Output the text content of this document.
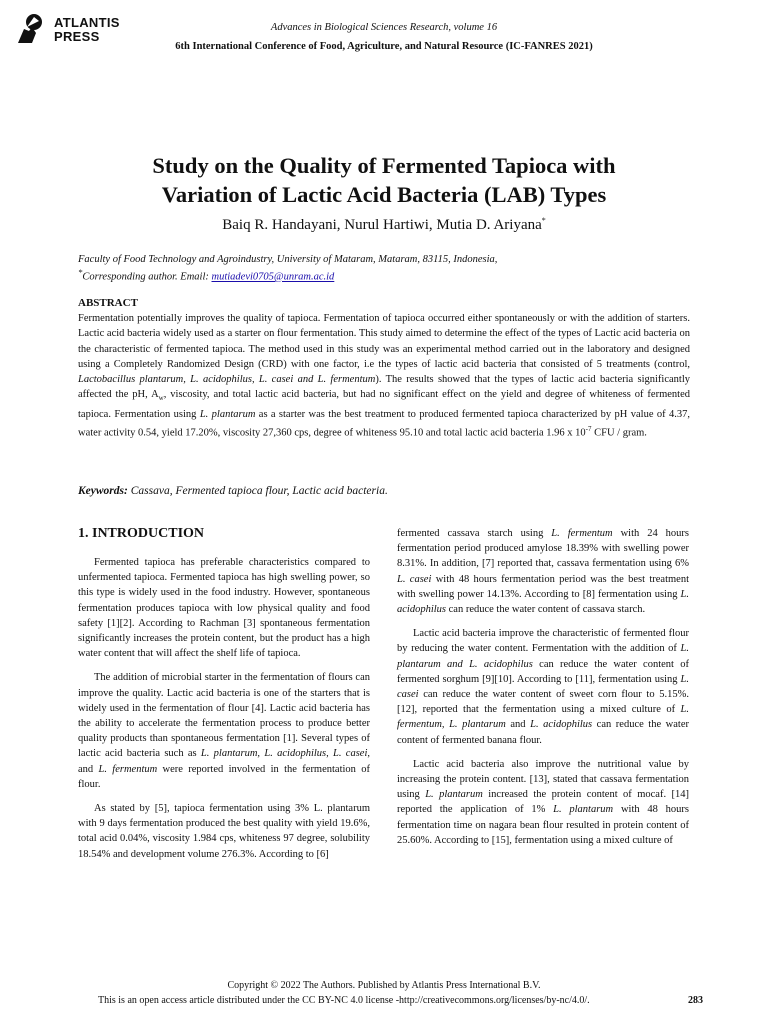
ATLANTIS
PRESS
Advances in Biological Sciences Research, volume 16
6th International Conference of Food, Agriculture, and Natural Resource (IC-FANRES 2021)
Study on the Quality of Fermented Tapioca with
Variation of Lactic Acid Bacteria (LAB) Types
Baiq R. Handayani, Nurul Hartiwi, Mutia D. Ariyana*
Faculty of Food Technology and Agroindustry, University of Mataram, Mataram, 83115, Indonesia,
*Corresponding author. Email: mutiadevi0705@unram.ac.id
ABSTRACT
Fermentation potentially improves the quality of tapioca. Fermentation of tapioca occurred either spontaneously or with the addition of starters. Lactic acid bacteria widely used as a starter on flour fermentation. This study aimed to determine the effect of the types of Lactic acid bacteria on the characteristic of fermented tapioca. The method used in this study was an experimental method carried out in the laboratory and designed using a Completely Randomized Design (CRD) with one factor, i.e the types of lactic acid bacteria that consisted of 5 treatments (control, Lactobacillus plantarum, L. acidophilus, L. casei and L. fermentum). The results showed that the types of lactic acid bacteria significantly affected the pH, $A_w$, viscosity, and total lactic acid bacteria, but had no significant effect on the yield and degree of whiteness of fermented tapioca. Fermentation using L. plantarum as a starter was the best treatment to produced fermented tapioca characterized by pH value of 4.37, water activity 0.54, yield 17.20%, viscosity 27,360 cps, degree of whiteness 95.10 and total lactic acid bacteria 1.96 x $10^{-7}$ CFU / gram.
Keywords: Cassava, Fermented tapioca flour, Lactic acid bacteria.
1. INTRODUCTION

Fermented tapioca has preferable characteristics compared to unfermented tapioca. Fermented tapioca has high swelling power, so this type is widely used in the food industry. However, spontaneous fermentation produces tapioca with low physical quality and food safety [1][2]. According to Rachman [3] spontaneous fermentation significantly increases the protein content, but the product has a high water content that will affect the shelf life of tapioca.

The addition of microbial starter in the fermentation of flours can improve the quality. Lactic acid bacteria is one of the starters that is widely used in the fermentation of flour [4]. Lactic acid bacteria has the ability to accelerate the fermentation process to produce better quality products than spontaneous fermentation [1]. Several types of lactic acid bacteria such as L. plantarum, L. acidophilus, L. casei, and L. fermentum were reported involved in the fermentation of flour.

As stated by [5], tapioca fermentation using 3% L. plantarum with 9 days fermentation produced the best quality with yield 19.6%, total acid 0.04%, viscosity 1.984 cps, whiteness 97 degree, solubility 18.54% and development volume 276.3%. According to [6]

fermented cassava starch using L. fermentum with 24 hours fermentation period produced amylose 18.39% with swelling power 8.31%. In addition, [7] reported that, cassava fermentation using 6% L. casei with 48 hours fermentation period was the best treatment with swelling power 14.13%. According to [8] fermentation using L. acidophilus can reduce the water content of cassava starch.

Lactic acid bacteria improve the characteristic of fermented flour by reducing the water content. Fermentation with the addition of L. plantarum and L. acidophilus can reduce the water content of fermented sorghum [9][10]. According to [11], fermentation using L. casei can reduce the water content of sweet corn flour to 5.15%. [12], reported that the fermentation using a mixed culture of L. fermentum, L. plantarum and L. acidophilus can reduce the water content of fermented banana flour.

Lactic acid bacteria also improve the nutritional value by increasing the protein content. [13], stated that cassava fermentation using L. plantarum increased the protein content of mocaf. [14] reported the application of 1% L. plantarum with 48 hours fermentation time on nagara bean flour resulted in protein content of 25.60%. According to [15], fermentation using a mixed culture of

Copyright © 2022 The Authors. Published by Atlantis Press International B.V.
This is an open access article distributed under the CC BY-NC 4.0 license -http://creativecommons.org/licenses/by-nc/4.0/.	283
